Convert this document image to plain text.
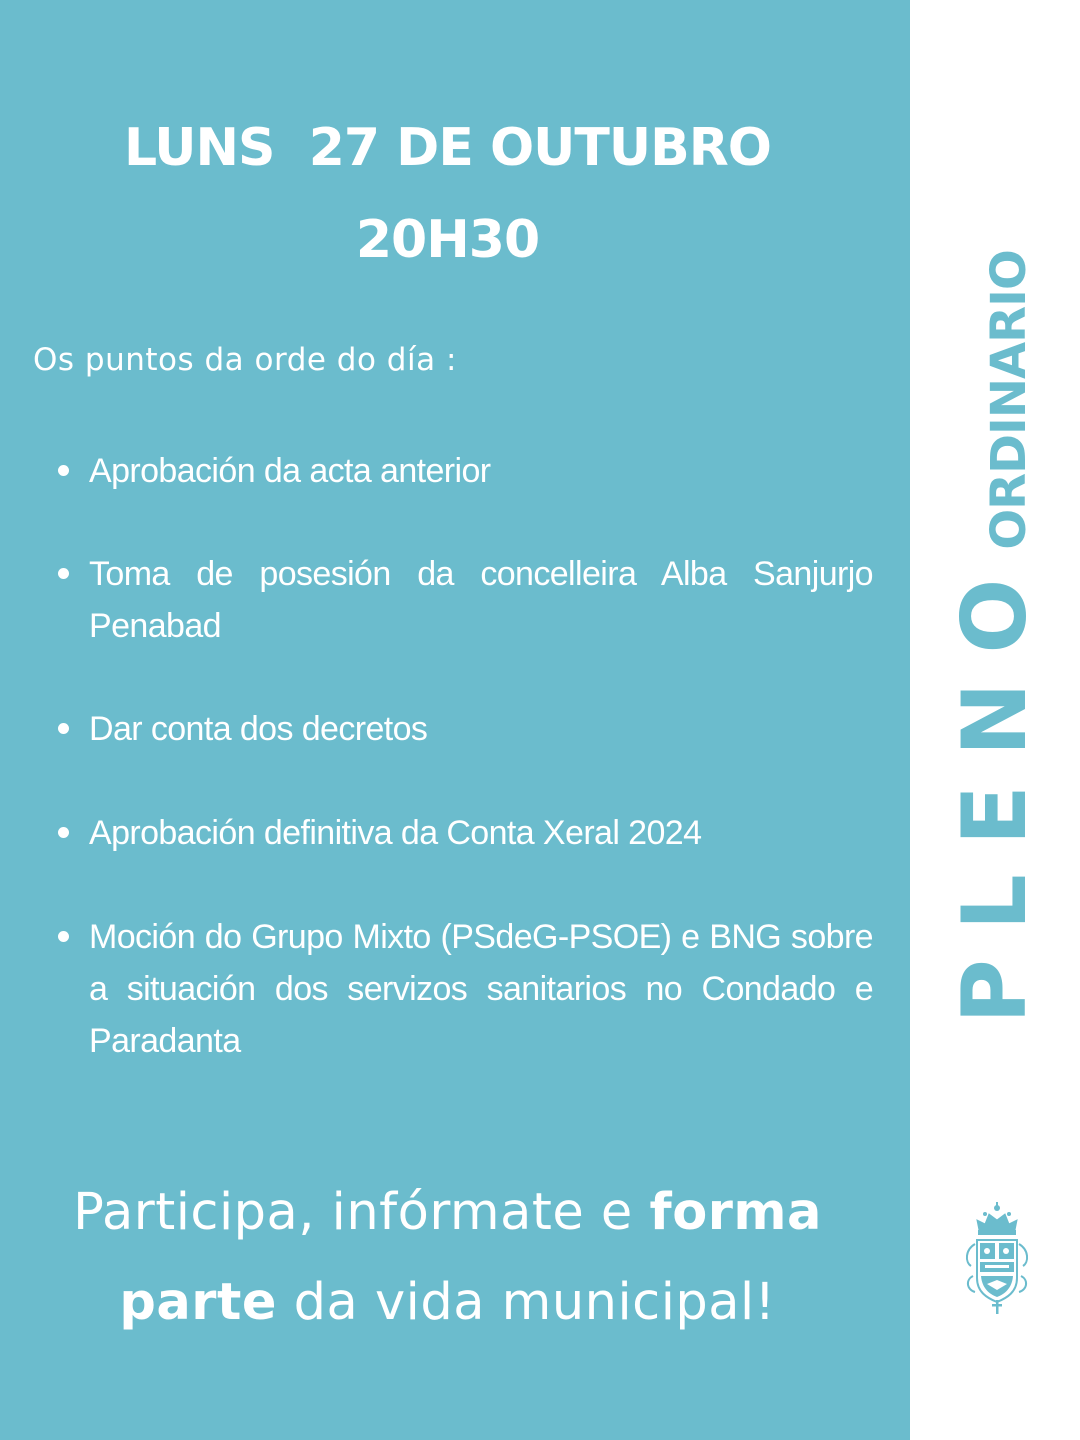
LUNS  27 DE OUTUBRO
20H30
Os puntos da orde do día :
Aprobación da acta anterior
Toma de posesión da concelleira Alba Sanjurjo Penabad
Dar conta dos decretos
Aprobación definitiva da Conta Xeral 2024
Moción do Grupo Mixto (PSdeG-PSOE) e BNG sobre a situación dos servizos sanitarios no Condado e Paradanta
Participa, infórmate e forma
parte da vida municipal!
PLENO
ORDINARIO
